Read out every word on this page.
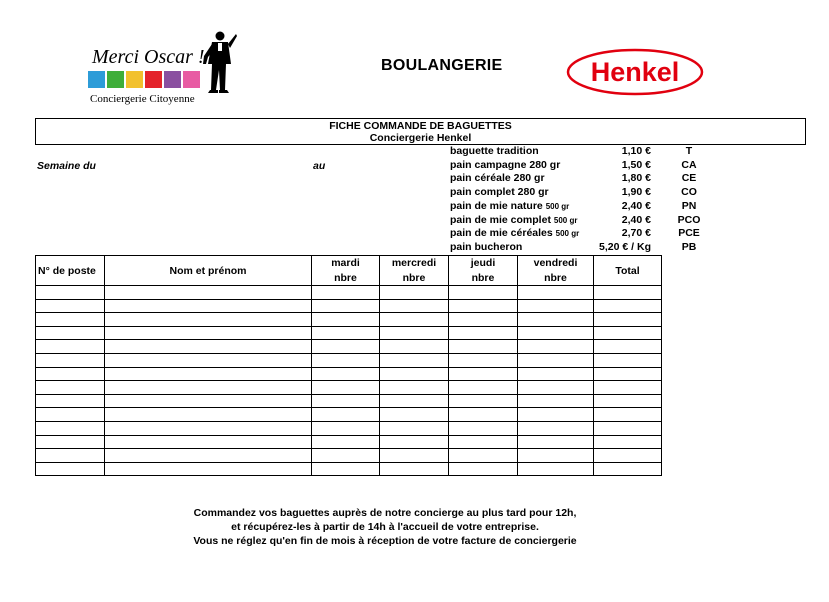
Merci Oscar !
Conciergerie Citoyenne
BOULANGERIE	Henkel
FICHE COMMANDE DE BAGUETTES
Conciergerie Henkel
Semaine du	au
baguette tradition	1,10 €	T
pain campagne 280 gr	1,50 €	CA
pain céréale 280 gr	1,80 €	CE
pain complet 280 gr	1,90 €	CO
pain de mie nature 500 gr	2,40 €	PN
pain de mie complet 500 gr	2,40 €	PCO
pain de mie céréales 500 gr	2,70 €	PCE
pain bucheron	5,20 € / Kg	PB
N° de poste	Nom et prénom	mardi	mercredi	jeudi	vendredi	Total
		nbre	nbre	nbre	nbre	

Commandez vos baguettes auprès de notre concierge au plus tard pour 12h,
et récupérez-les à partir de 14h à l'accueil de votre entreprise.
Vous ne réglez qu'en fin de mois à réception de votre facture de conciergerie
